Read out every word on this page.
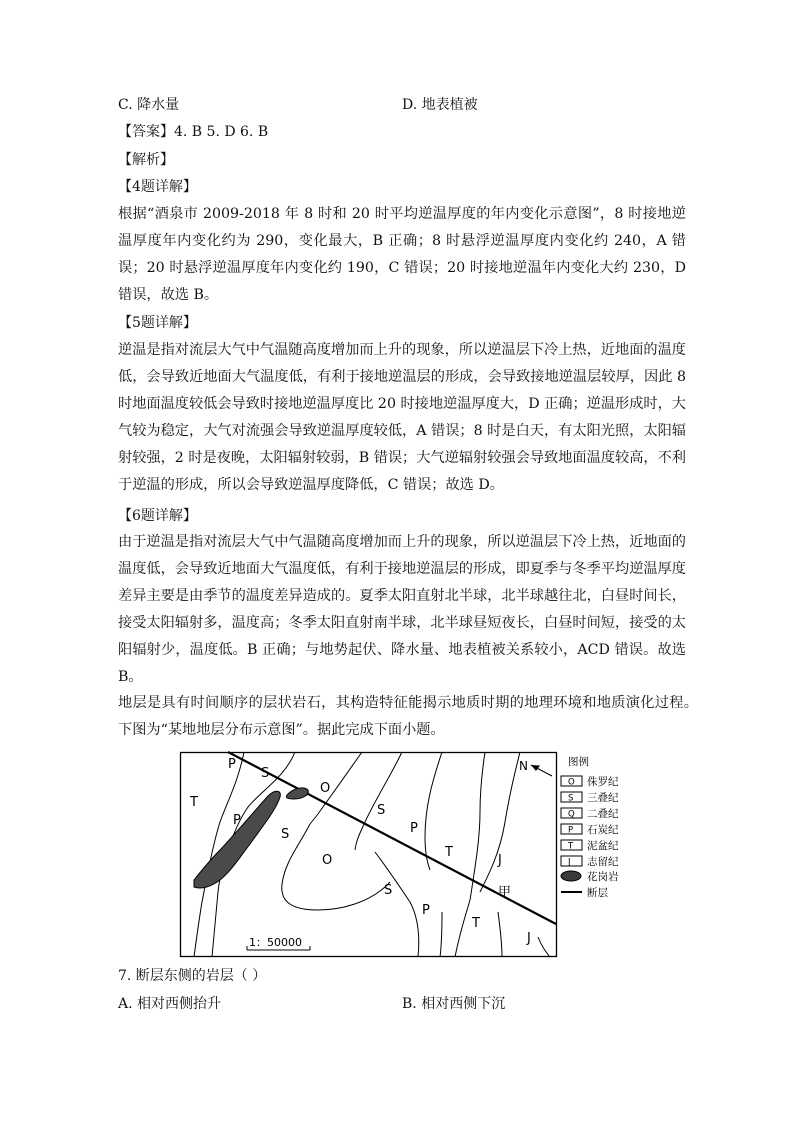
C. 降水量	D. 地表植被
【答案】4. B 5. D 6. B
【解析】
【4题详解】
根据“酒泉市 2009-2018 年 8 时和 20 时平均逆温厚度的年内变化示意图”，8 时接地逆温厚度年内变化约为 290，变化最大，B 正确；8 时悬浮逆温厚度内变化约 240，A 错误；20 时悬浮逆温厚度年内变化约 190，C 错误；20 时接地逆温年内变化大约 230，D 错误，故选 B。
【5题详解】
逆温是指对流层大气中气温随高度增加而上升的现象，所以逆温层下冷上热，近地面的温度低，会导致近地面大气温度低，有利于接地逆温层的形成，会导致接地逆温层较厚，因此 8 时地面温度较低会导致时接地逆温厚度比 20 时接地逆温厚度大，D 正确；逆温形成时，大气较为稳定，大气对流强会导致逆温厚度较低，A 错误；8 时是白天，有太阳光照，太阳辐射较强，2 时是夜晚，太阳辐射较弱，B 错误；大气逆辐射较强会导致地面温度较高，不利于逆温的形成，所以会导致逆温厚度降低，C 错误；故选 D。
【6题详解】
由于逆温是指对流层大气中气温随高度增加而上升的现象，所以逆温层下冷上热，近地面的温度低，会导致近地面大气温度低，有利于接地逆温层的形成，即夏季与冬季平均逆温厚度差异主要是由季节的温度差异造成的。夏季太阳直射北半球，北半球越往北，白昼时间长，接受太阳辐射多，温度高；冬季太阳直射南半球，北半球昼短夜长，白昼时间短，接受的太阳辐射少，温度低。B 正确；与地势起伏、降水量、地表植被关系较小，ACD 错误。故选 B。
地层是具有时间顺序的层状岩石，其构造特征能揭示地质时期的地理环境和地质演化过程。下图为“某地地层分布示意图”。据此完成下面小题。
N
P
S
T
P
O
S
S
P
O
T
J
S
P
T
J
甲
1：50000
图例
O 侏罗纪
S 三叠纪
Q 二叠纪
P 石炭纪
T 泥盆纪
J 志留纪
花岗岩
断层
7. 断层东侧的岩层（ ）
A. 相对西侧抬升	B. 相对西侧下沉
